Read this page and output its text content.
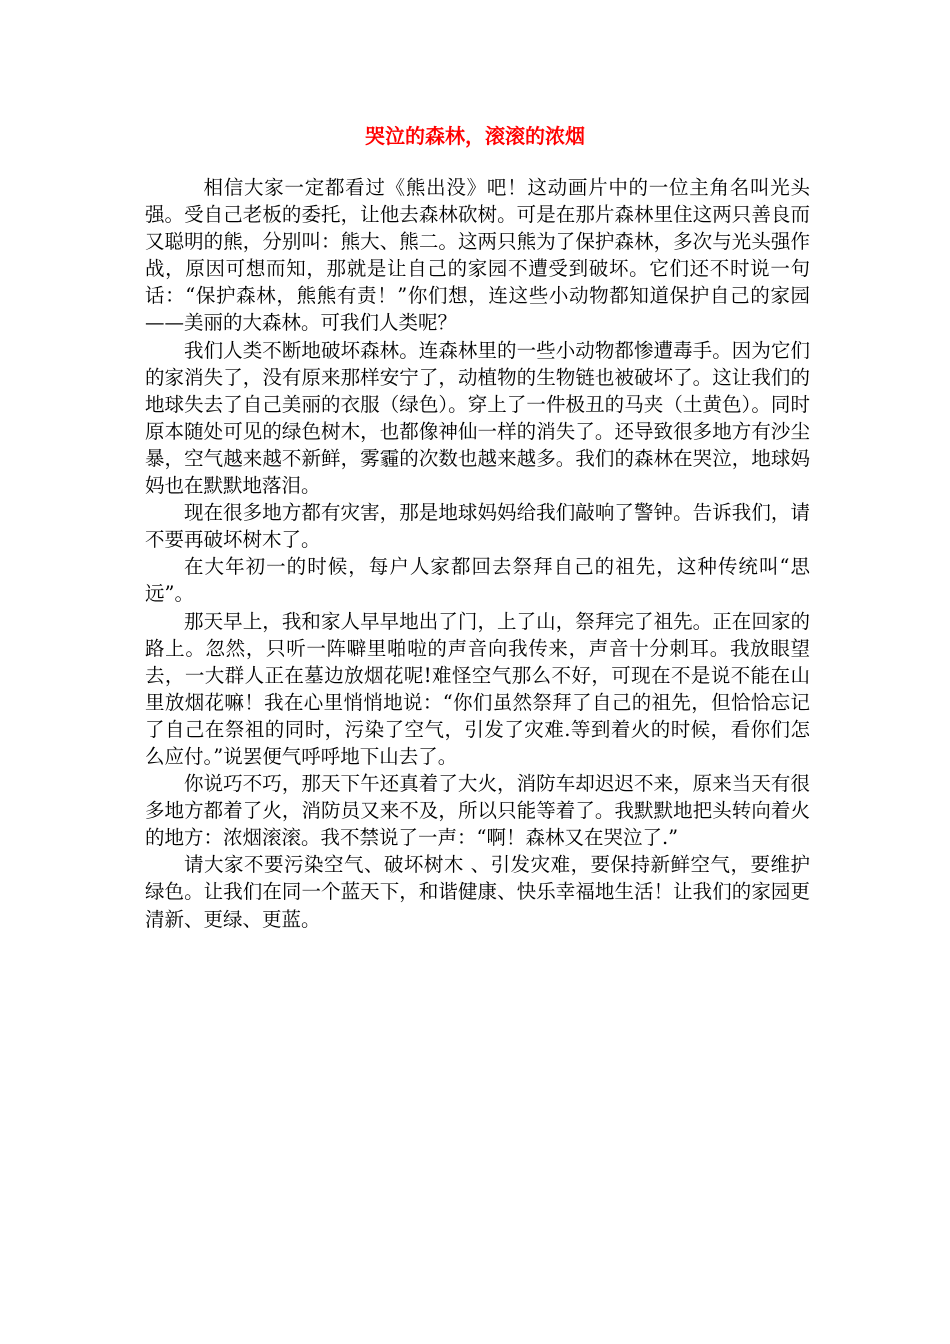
哭泣的森林，滚滚的浓烟

相信大家一定都看过《熊出没》吧！这动画片中的一位主角名叫光头强。受自己老板的委托，让他去森林砍树。可是在那片森林里住这两只善良而又聪明的熊，分别叫：熊大、熊二。这两只熊为了保护森林，多次与光头强作战，原因可想而知，那就是让自己的家园不遭受到破坏。它们还不时说一句话：“保护森林，熊熊有责！”你们想，连这些小动物都知道保护自己的家园——美丽的大森林。可我们人类呢？

我们人类不断地破坏森林。连森林里的一些小动物都惨遭毒手。因为它们的家消失了，没有原来那样安宁了，动植物的生物链也被破坏了。这让我们的地球失去了自己美丽的衣服（绿色）。穿上了一件极丑的马夹（土黄色）。同时原本随处可见的绿色树木，也都像神仙一样的消失了。还导致很多地方有沙尘暴，空气越来越不新鲜，雾霾的次数也越来越多。我们的森林在哭泣，地球妈妈也在默默地落泪。

现在很多地方都有灾害，那是地球妈妈给我们敲响了警钟。告诉我们，请不要再破坏树木了。

在大年初一的时候，每户人家都回去祭拜自己的祖先，这种传统叫“思远”。

那天早上，我和家人早早地出了门，上了山，祭拜完了祖先。正在回家的路上。忽然，只听一阵噼里啪啦的声音向我传来，声音十分刺耳。我放眼望去，一大群人正在墓边放烟花呢!难怪空气那么不好，可现在不是说不能在山里放烟花嘛！我在心里悄悄地说：“你们虽然祭拜了自己的祖先，但恰恰忘记了自己在祭祖的同时，污染了空气，引发了灾难.等到着火的时候，看你们怎么应付。”说罢便气呼呼地下山去了。

你说巧不巧，那天下午还真着了大火，消防车却迟迟不来，原来当天有很多地方都着了火，消防员又来不及，所以只能等着了。我默默地把头转向着火的地方：浓烟滚滚。我不禁说了一声：“啊！森林又在哭泣了.”

请大家不要污染空气、破坏树木 、引发灾难，要保持新鲜空气，要维护绿色。让我们在同一个蓝天下，和谐健康、快乐幸福地生活！让我们的家园更清新、更绿、更蓝。
